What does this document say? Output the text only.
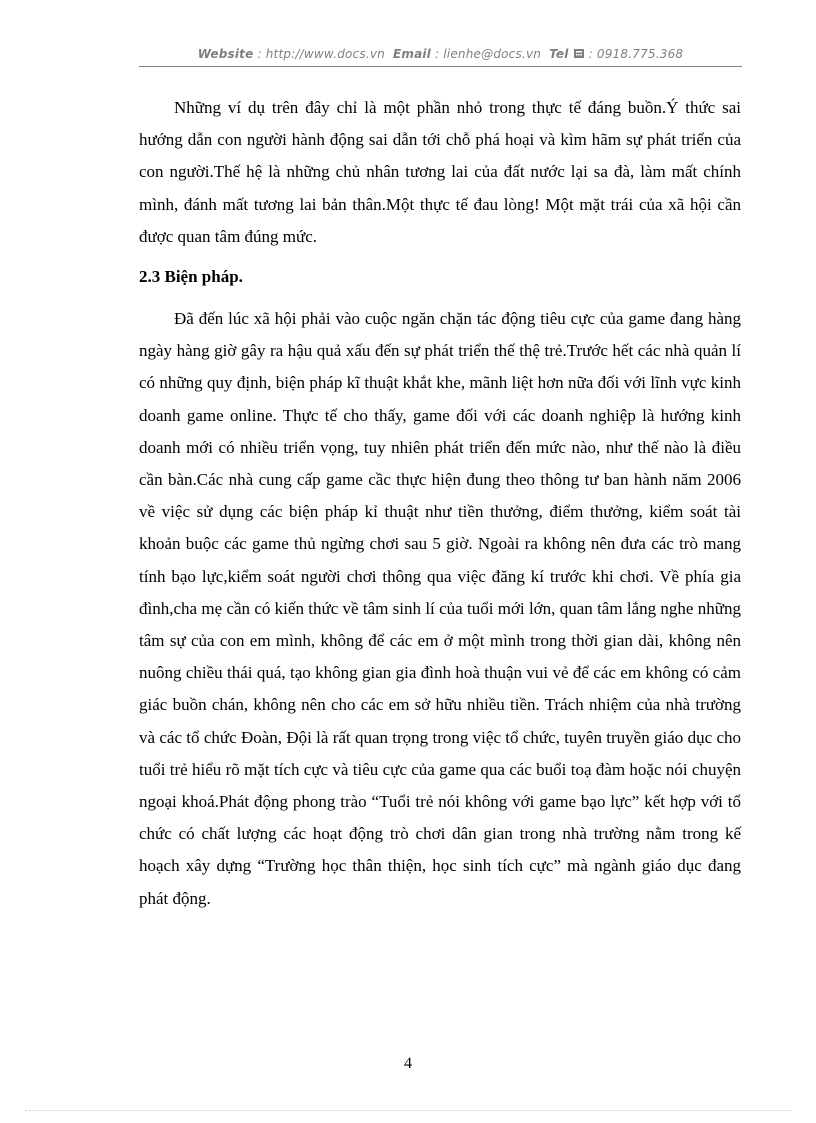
Website : http://www.docs.vn Email : lienhe@docs.vn Tel : 0918.775.368

Những ví dụ trên đây chỉ là một phần nhỏ trong thực tế đáng buồn.Ý thức sai hướng dẫn con người hành động sai dẫn tới chỗ phá hoại và kìm hãm sự phát triển của con người.Thế hệ là những chủ nhân tương lai của đất nước lại sa đà, làm mất chính mình, đánh mất tương lai bản thân.Một thực tế đau lòng! Một mặt trái của xã hội cần được quan tâm đúng mức.

2.3 Biện pháp.

Đã đến lúc xã hội phải vào cuộc ngăn chặn tác động tiêu cực của game đang hàng ngày hàng giờ gây ra hậu quả xấu đến sự phát triển thế thệ trẻ.Trước hết các nhà quản lí có những quy định, biện pháp kĩ thuật khắt khe, mãnh liệt hơn nữa đối với lĩnh vực kinh doanh game online. Thực tế cho thấy, game đối với các doanh nghiệp là hướng kinh doanh mới có nhiều triển vọng, tuy nhiên phát triển đến mức nào, như thế nào là điều cần bàn.Các nhà cung cấp game cầc thực hiện đung theo thông tư ban hành năm 2006 về việc sử dụng các biện pháp kỉ thuật như tiền thưởng, điểm thưởng, kiểm soát tài khoản buộc các game thủ ngừng chơi sau 5 giờ. Ngoài ra không nên đưa các trò mang tính bạo lực,kiểm soát người chơi thông qua việc đăng kí trước khi chơi. Về phía gia đình,cha mẹ cần có kiến thức về tâm sinh lí của tuổi mới lớn, quan tâm lắng nghe những tâm sự của con em mình, không để các em ở một mình trong thời gian dài, không nên nuông chiều thái quá, tạo không gian gia đình hoà thuận vui vẻ để các em không có cảm giác buồn chán, không nên cho các em sở hữu nhiều tiền. Trách nhiệm của nhà trường và các tổ chức Đoàn, Đội là rất quan trọng trong việc tổ chức, tuyên truyền giáo dục cho tuổi trẻ hiểu rõ mặt tích cực và tiêu cực của game qua các buổi toạ đàm hoặc nói chuyện ngoại khoá.Phát động phong trào “Tuổi trẻ nói không với game bạo lực” kết hợp với tổ chức có chất lượng các hoạt động trò chơi dân gian trong nhà trường nằm trong kế hoạch xây dựng “Trường học thân thiện, học sinh tích cực” mà ngành giáo dục đang phát động.

4
